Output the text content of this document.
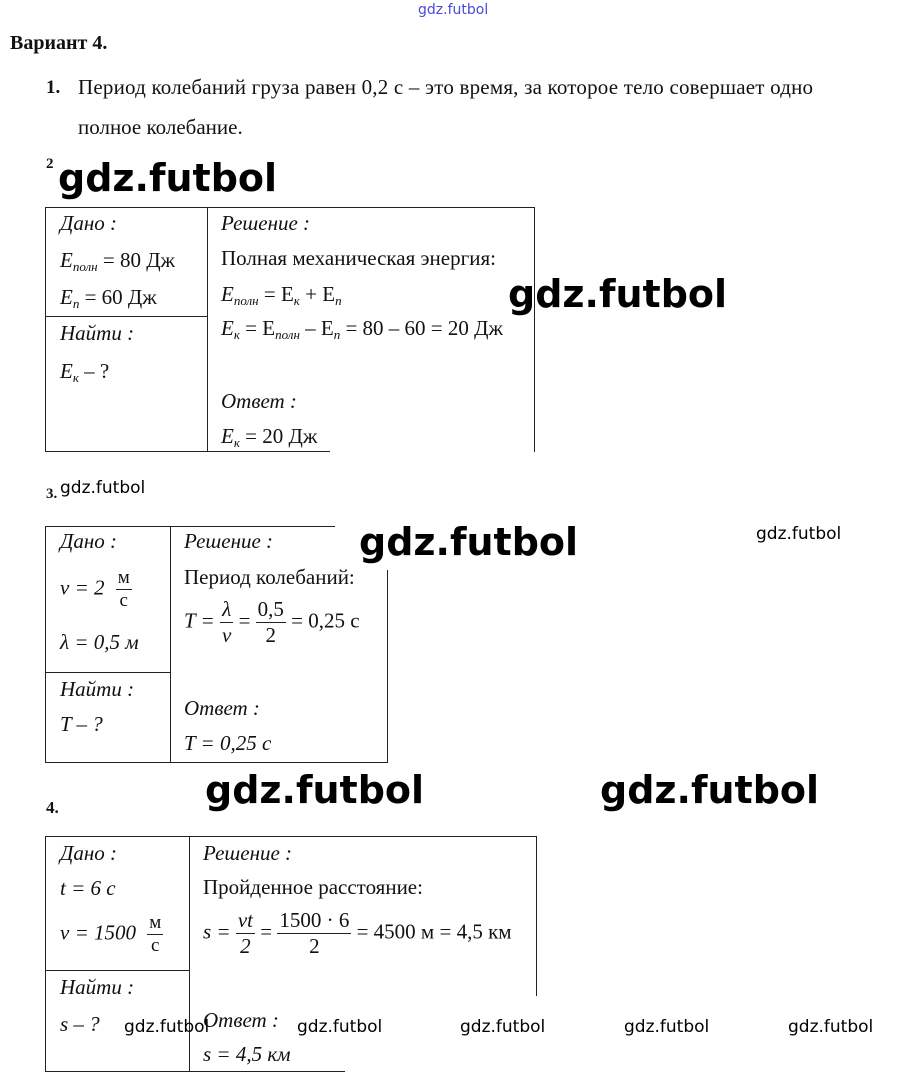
gdz.futbol
Вариант 4.
1. Период колебаний груза равен 0,2 с – это время, за которое тело совершает одно
полное колебание.
2 gdz.futbol
Дано :
$E_{полн} = 80$ Дж
$E_п = 60$ Дж
Найти :
$E_к$ – ?
Решение :
Полная механическая энергия:
$E_{полн} = E_к + E_п$
$E_к = E_{полн} - E_п = 80 - 60 = 20$ Дж
gdz.futbol
Ответ :
$E_к = 20$ Дж
3. gdz.futbol
gdz.futbol	gdz.futbol
Дано :
$v = 2 \frac{м}{с}$
λ = 0,5 м
Найти :
T – ?
Решение :
Период колебаний:
$T = \frac{\lambda}{v} = \frac{0,5}{2} = 0,25$ с
Ответ :
T = 0,25 с
gdz.futbol	gdz.futbol
4.
Дано :
t = 6 с
$v = 1500 \frac{м}{с}$
Найти :
s – ?
Решение :
Пройденное расстояние:
$s = \frac{vt}{2} = \frac{1500 \cdot 6}{2} = 4500$ м = 4,5 км
Ответ :
s = 4,5 км
gdz.futbol	gdz.futbol	gdz.futbol	gdz.futbol	gdz.futbol
